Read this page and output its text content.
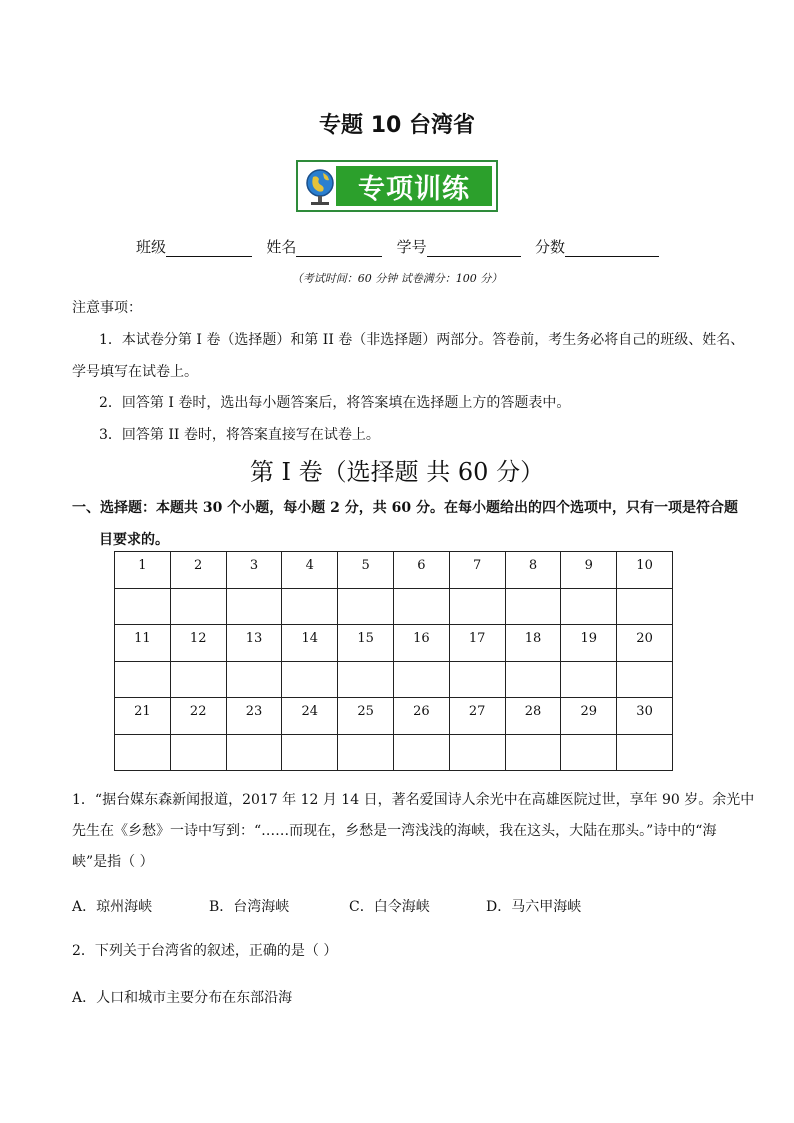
专题 10 台湾省
专项训练
班级	姓名	学号	分数
（考试时间：60 分钟 试卷满分：100 分）
注意事项：
1．本试卷分第 I 卷（选择题）和第 II 卷（非选择题）两部分。答卷前，考生务必将自己的班级、姓名、
学号填写在试卷上。
2．回答第 I 卷时，选出每小题答案后，将答案填在选择题上方的答题表中。
3．回答第 II 卷时，将答案直接写在试卷上。
第 I 卷（选择题 共 60 分）
一、选择题：本题共 30 个小题，每小题 2 分，共 60 分。在每小题给出的四个选项中，只有一项是符合题
目要求的。
1	2	3	4	5	6	7	8	9	10

11	12	13	14	15	16	17	18	19	20

21	22	23	24	25	26	27	28	29	30

1．“据台媒东森新闻报道，2017 年 12 月 14 日，著名爱国诗人余光中在高雄医院过世，享年 90 岁。余光中
先生在《乡愁》一诗中写到：“……而现在，乡愁是一湾浅浅的海峡，我在这头，大陆在那头。”诗中的“海
峡”是指（ ）
A．琼州海峡	B．台湾海峡	C．白令海峡	D．马六甲海峡
2．下列关于台湾省的叙述，正确的是（ ）
A．人口和城市主要分布在东部沿海
